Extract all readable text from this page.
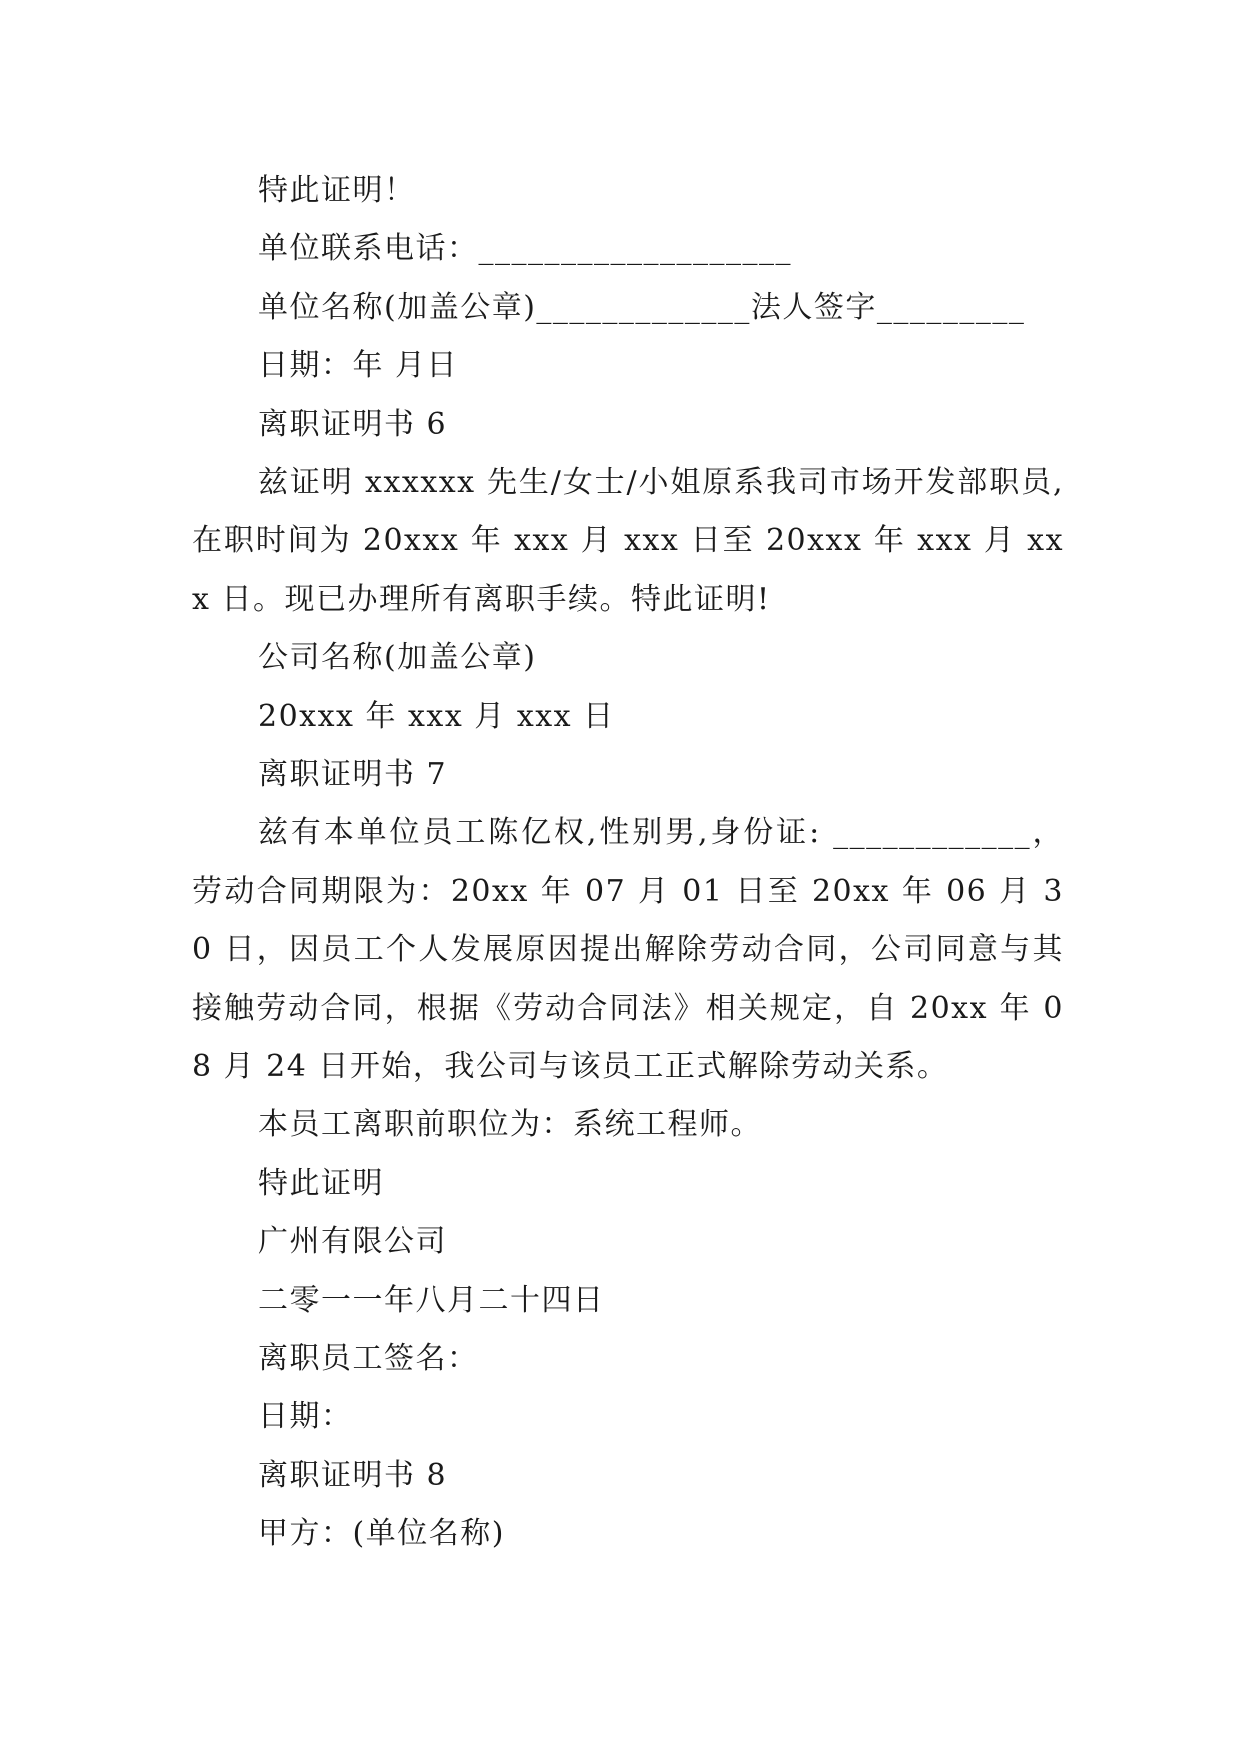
特此证明！
单位联系电话：___________________
单位名称(加盖公章)_____________法人签字_________
日期：年 月日
离职证明书 6

兹证明 xxxxxx 先生/女士/小姐原系我司市场开发部职员,在职时间为 20xxx 年 xxx 月 xxx 日至 20xxx 年 xxx 月 xxx 日。现已办理所有离职手续。特此证明!

公司名称(加盖公章)
20xxx 年 xxx 月 xxx 日
离职证明书 7

兹有本单位员工陈亿权,性别男,身份证: ____________，劳动合同期限为：20xx 年 07 月 01 日至 20xx 年 06 月 30 日，因员工个人发展原因提出解除劳动合同，公司同意与其接触劳动合同，根据《劳动合同法》相关规定，自 20xx 年 08 月 24 日开始，我公司与该员工正式解除劳动关系。

本员工离职前职位为：系统工程师。
特此证明
广州有限公司
二零一一年八月二十四日
离职员工签名：
日期：
离职证明书 8
甲方：(单位名称)
